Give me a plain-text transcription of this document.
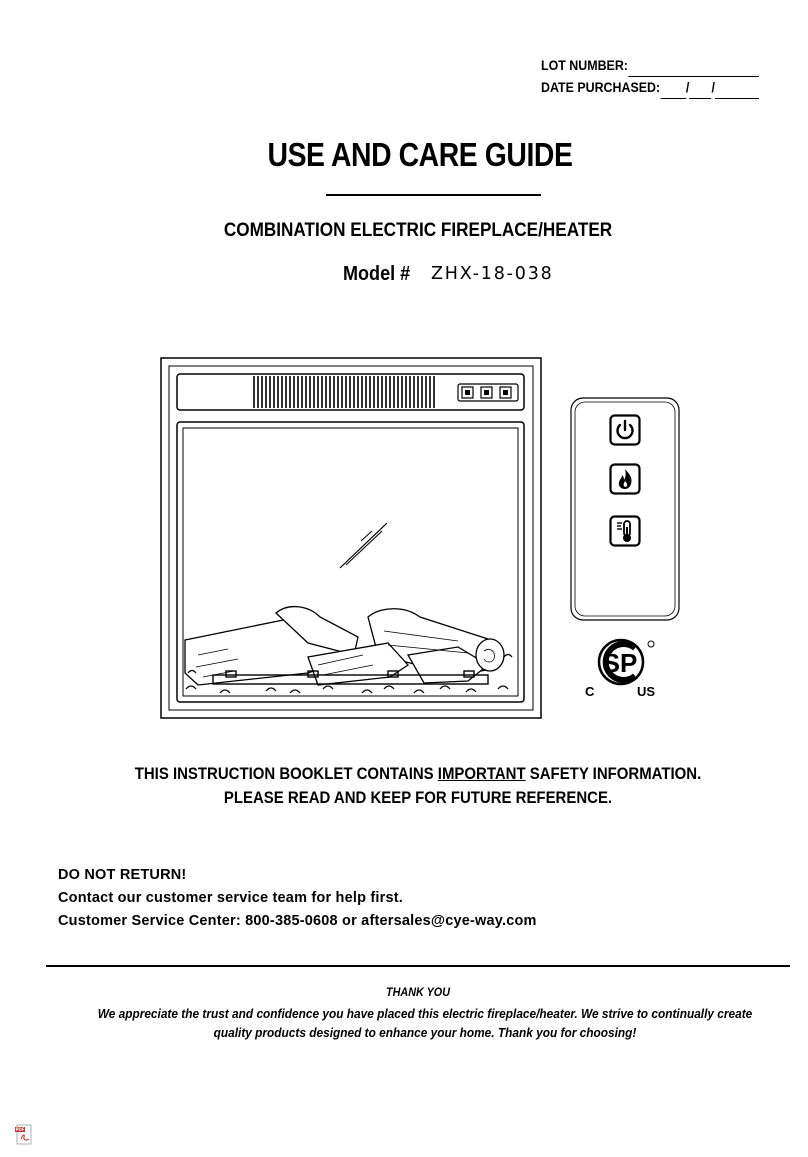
LOT NUMBER:
DATE PURCHASED: / /
USE AND CARE GUIDE
COMBINATION ELECTRIC FIREPLACE/HEATER
Model # ZHX-18-038
SP
C	US
THIS INSTRUCTION BOOKLET CONTAINS IMPORTANT SAFETY INFORMATION.
PLEASE READ AND KEEP FOR FUTURE REFERENCE.
DO NOT RETURN!
Contact our customer service team for help first.
Customer Service Center: 800-385-0608 or aftersales@cye-way.com
THANK YOU
We appreciate the trust and confidence you have placed this electric fireplace/heater. We strive to continually create quality products designed to enhance your home. Thank you for choosing!
PDF
